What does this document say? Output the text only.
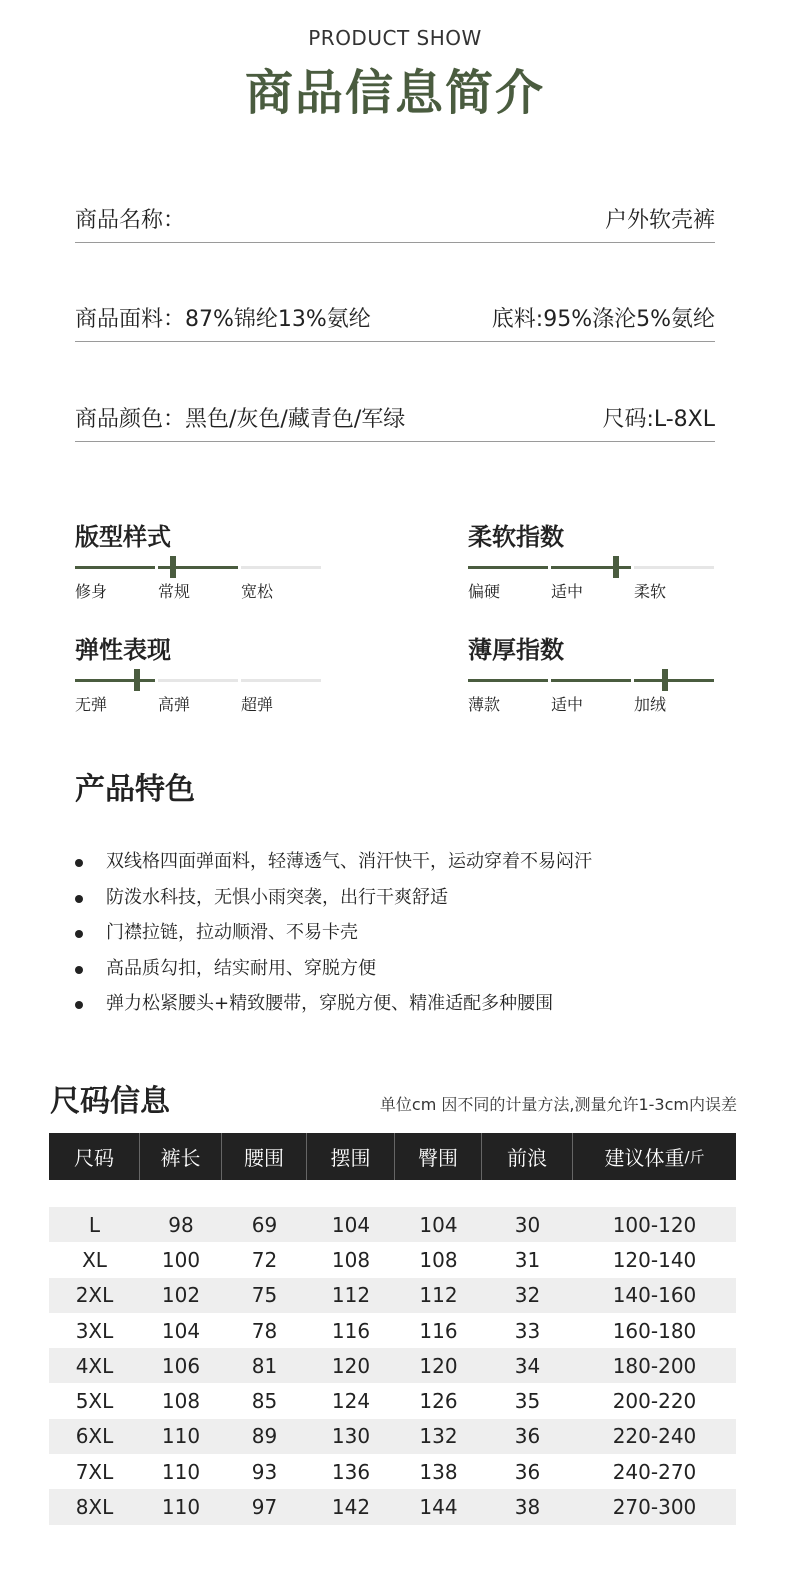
PRODUCT SHOW
商品信息简介
商品名称：	户外软壳裤
商品面料：87%锦纶13%氨纶	底料:95%涤沦5%氨纶
商品颜色：黑色/灰色/藏青色/军绿	尺码:L-8XL
版型样式
修身	常规	宽松
柔软指数
偏硬	适中	柔软
弹性表现
无弹	高弹	超弹
薄厚指数
薄款	适中	加绒
产品特色
双线格四面弹面料，轻薄透气、消汗快干，运动穿着不易闷汗
防泼水科技，无惧小雨突袭，出行干爽舒适
门襟拉链，拉动顺滑、不易卡壳
高品质勾扣，结实耐用、穿脱方便
弹力松紧腰头+精致腰带，穿脱方便、精准适配多种腰围
尺码信息	单位cm 因不同的计量方法,测量允许1-3cm内误差
尺码	裤长	腰围	摆围	臀围	前浪	建议体重 /斤
L	98	69	104	104	30	100-120
XL	100	72	108	108	31	120-140
2XL	102	75	112	112	32	140-160
3XL	104	78	116	116	33	160-180
4XL	106	81	120	120	34	180-200
5XL	108	85	124	126	35	200-220
6XL	110	89	130	132	36	220-240
7XL	110	93	136	138	36	240-270
8XL	110	97	142	144	38	270-300
